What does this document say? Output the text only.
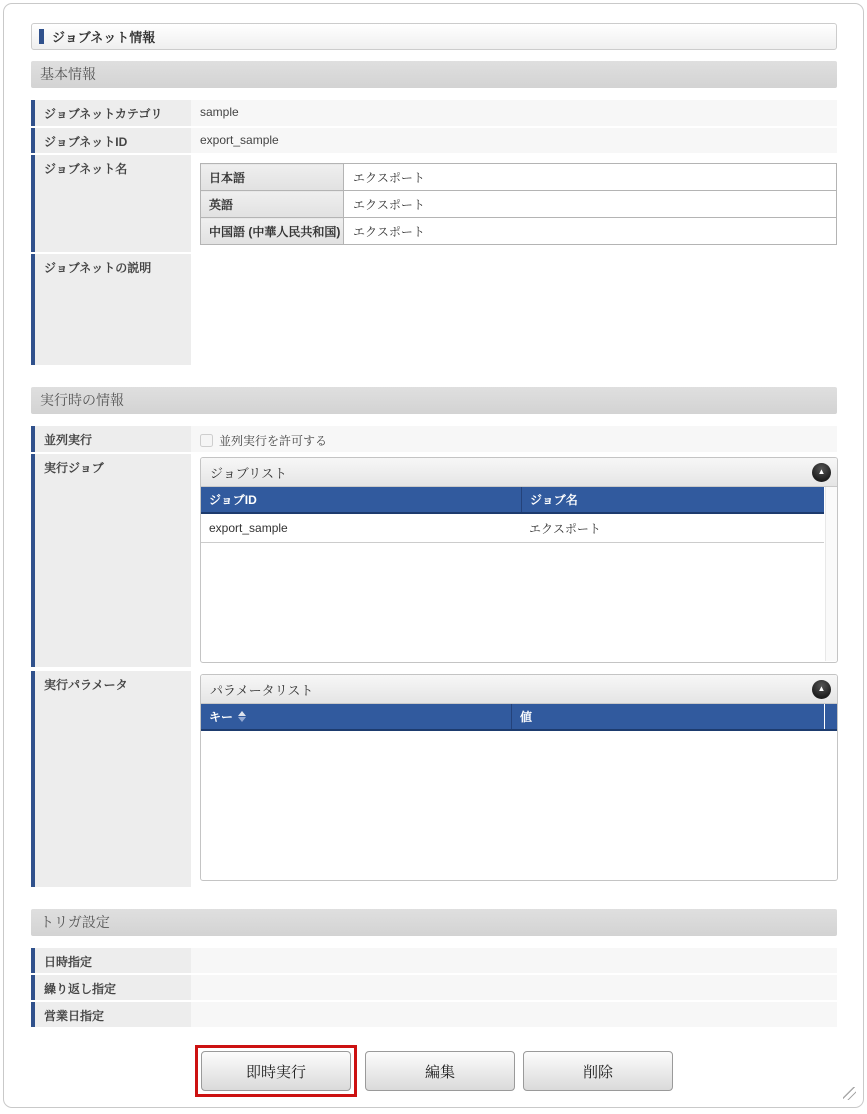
ジョブネット情報
基本情報
ジョブネットカテゴリ	sample
ジョブネットID	export_sample
ジョブネット名
日本語	エクスポート
英語	エクスポート
中国語 (中華人民共和国)	エクスポート
ジョブネットの説明
実行時の情報
並列実行	並列実行を許可する
実行ジョブ	ジョブリスト	▲
ジョブID	ジョブ名
export_sample	エクスポート
実行パラメータ	パラメータリスト	▲
キー	値
トリガ設定
日時指定
繰り返し指定
営業日指定
即時実行	編集	削除
